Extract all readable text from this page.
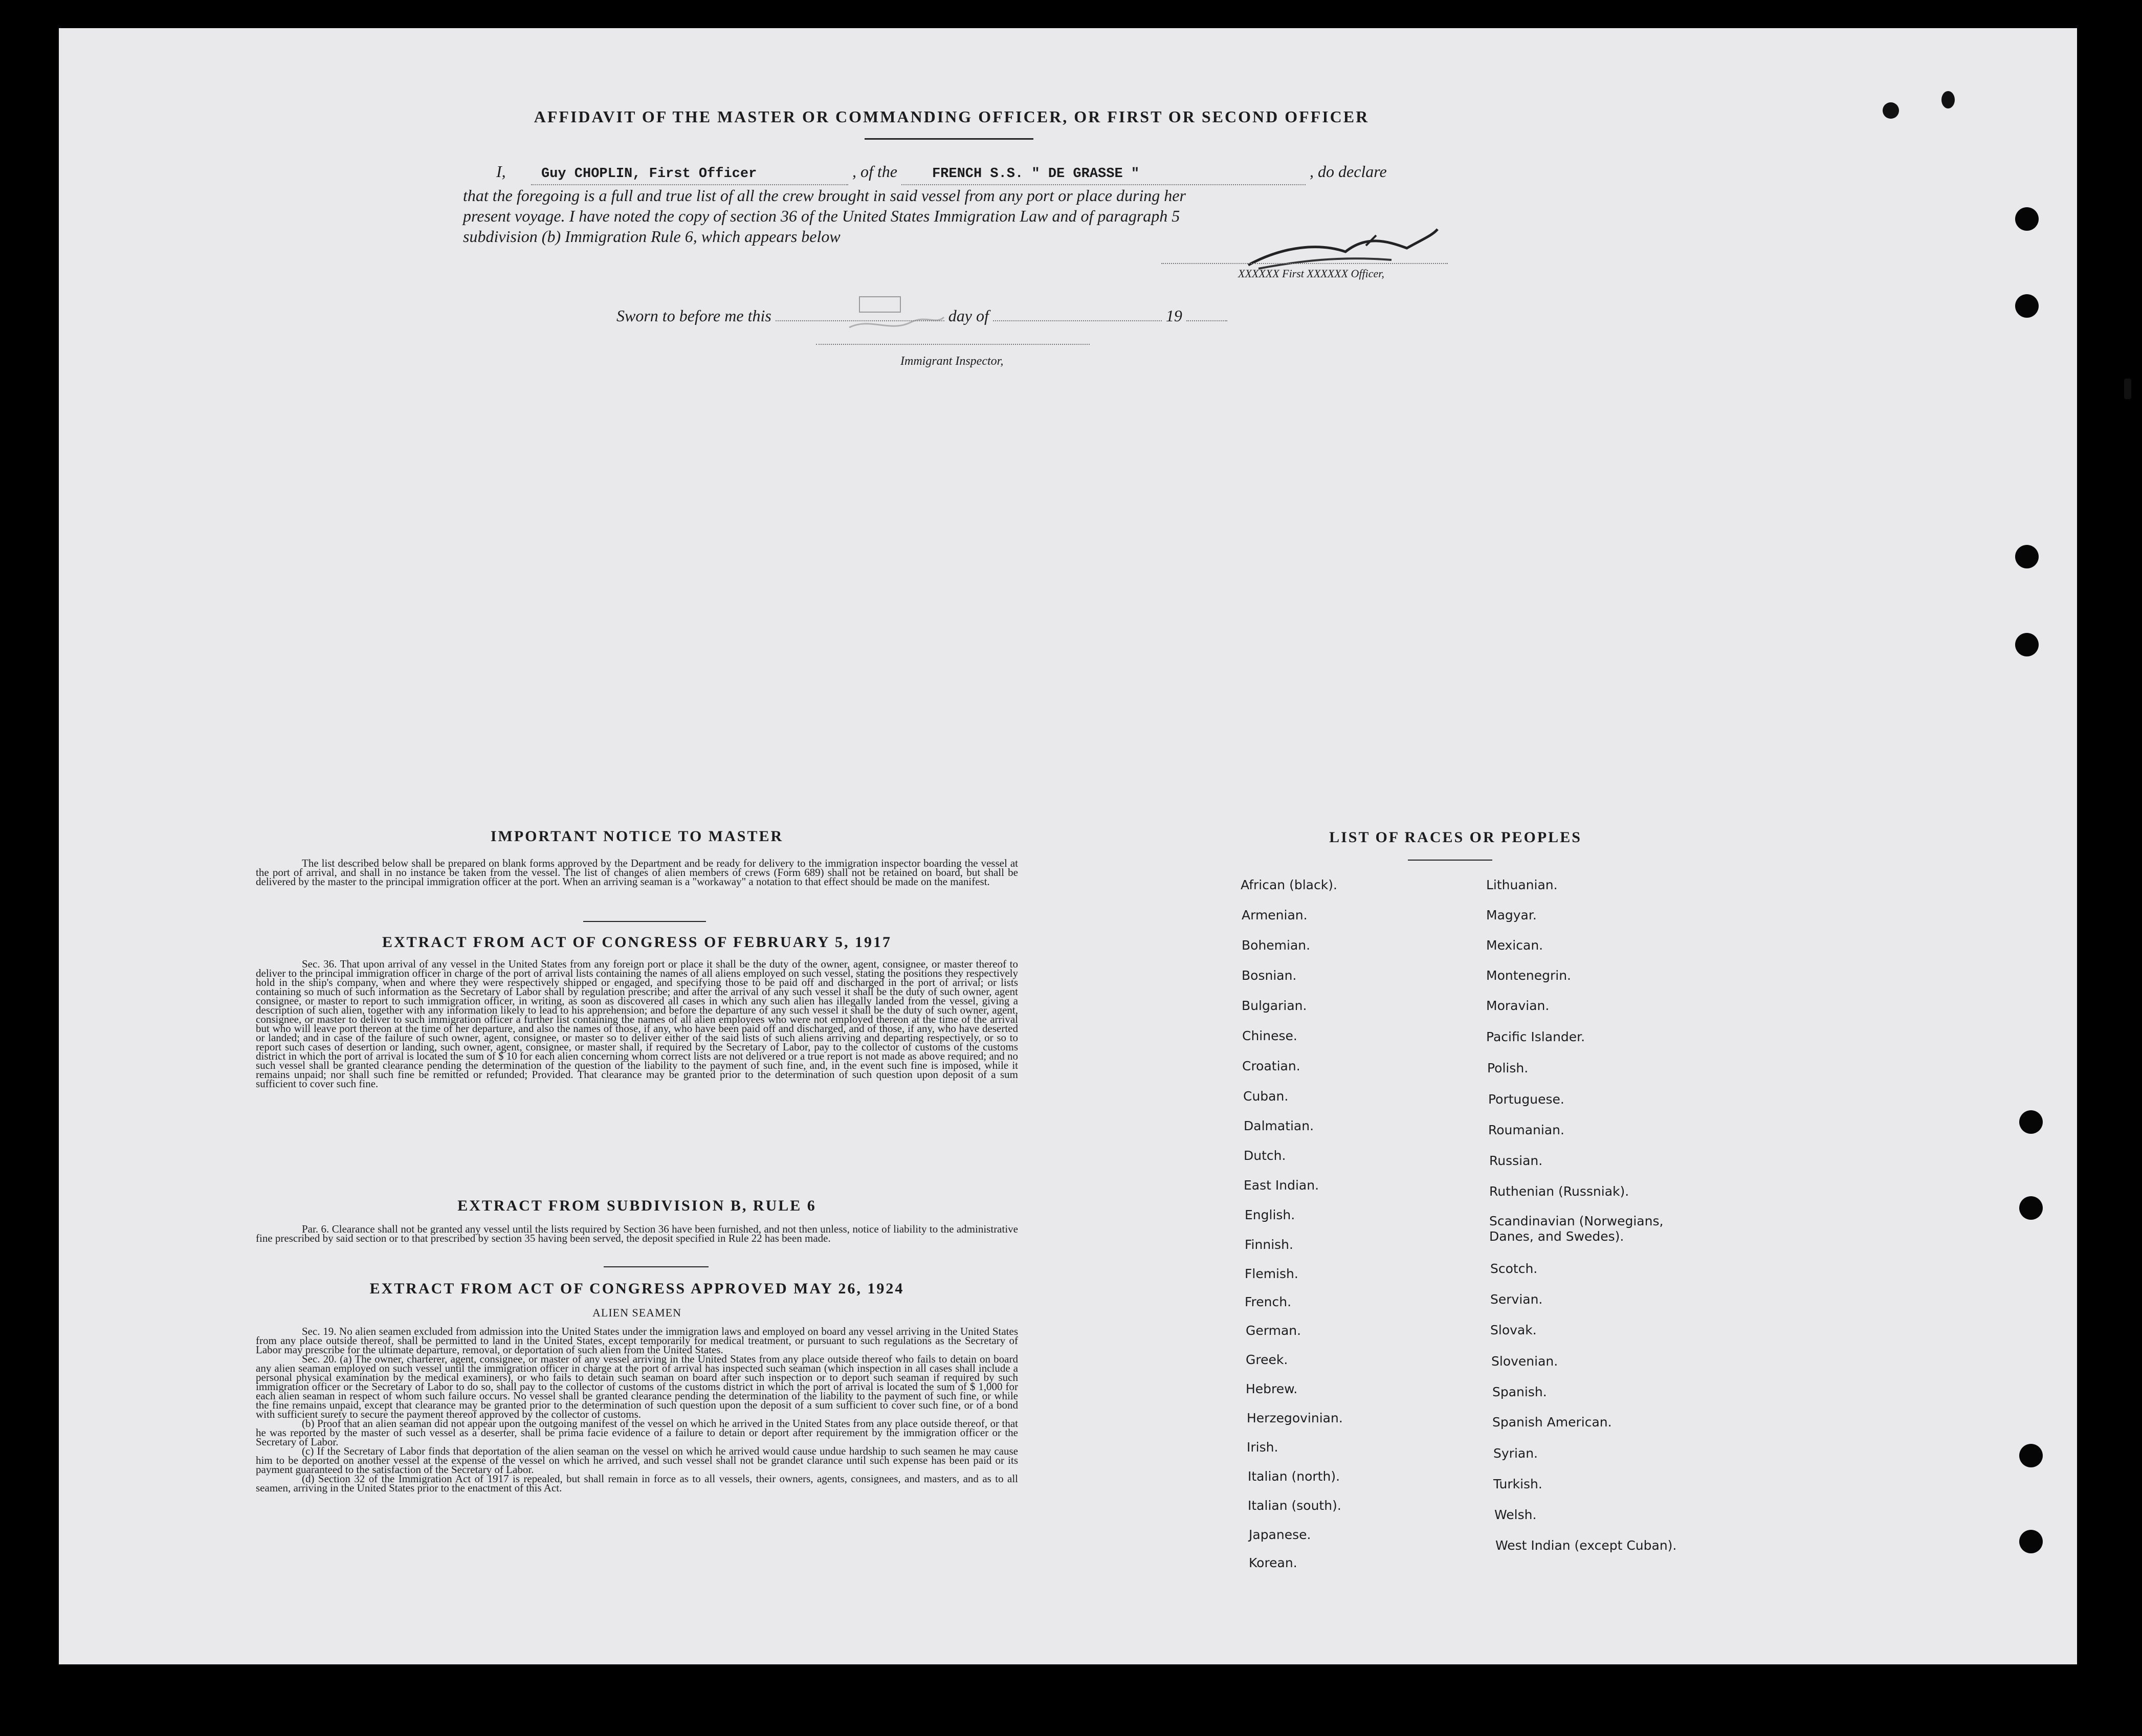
AFFIDAVIT OF THE MASTER OR COMMANDING OFFICER, OR FIRST OR SECOND OFFICER
I,	Guy CHOPLIN, First Officer	, of the	FRENCH S.S. " DE GRASSE "	, do declare
that the foregoing is a full and true list of all the crew brought in said vessel from any port or place during her
present voyage. I have noted the copy of section 36 of the United States Immigration Law and of paragraph 5
subdivision (b) Immigration Rule 6, which appears below
XXXXXX First XXXXXX Officer,
Sworn to before me this	day of	19
Immigrant Inspector,
IMPORTANT NOTICE TO MASTER

The list described below shall be prepared on blank forms approved by the Department and be ready for delivery to the immigration inspector boarding the vessel at the port of arrival, and shall in no instance be taken from the vessel. The list of changes of alien members of crews (Form 689) shall not be retained on board, but shall be delivered by the master to the principal immigration officer at the port. When an arriving seaman is a "workaway" a notation to that effect should be made on the manifest.

EXTRACT FROM ACT OF CONGRESS OF FEBRUARY 5, 1917

Sec. 36. That upon arrival of any vessel in the United States from any foreign port or place it shall be the duty of the owner, agent, consignee, or master thereof to deliver to the principal immigration officer in charge of the port of arrival lists containing the names of all aliens employed on such vessel, stating the positions they respectively hold in the ship's company, when and where they were respectively shipped or engaged, and specifying those to be paid off and discharged in the port of arrival; or lists containing so much of such information as the Secretary of Labor shall by regulation prescribe; and after the arrival of any such vessel it shall be the duty of such owner, agent consignee, or master to report to such immigration officer, in writing, as soon as discovered all cases in which any such alien has illegally landed from the vessel, giving a description of such alien, together with any information likely to lead to his apprehension; and before the departure of any such vessel it shall be the duty of such owner, agent, consignee, or master to deliver to such immigration officer a further list containing the names of all alien employees who were not employed thereon at the time of the arrival but who will leave port thereon at the time of her departure, and also the names of those, if any, who have been paid off and discharged, and of those, if any, who have deserted or landed; and in case of the failure of such owner, agent, consignee, or master so to deliver either of the said lists of such aliens arriving and departing respectively, or so to report such cases of desertion or landing, such owner, agent, consignee, or master shall, if required by the Secretary of Labor, pay to the collector of customs of the customs district in which the port of arrival is located the sum of $ 10 for each alien concerning whom correct lists are not delivered or a true report is not made as above required; and no such vessel shall be granted clearance pending the determination of the question of the liability to the payment of such fine, and, in the event such fine is imposed, while it remains unpaid; nor shall such fine be remitted or refunded; Provided. That clearance may be granted prior to the determination of such question upon deposit of a sum sufficient to cover such fine.

EXTRACT FROM SUBDIVISION B, RULE 6

Par. 6. Clearance shall not be granted any vessel until the lists required by Section 36 have been furnished, and not then unless, notice of liability to the administrative fine prescribed by said section or to that prescribed by section 35 having been served, the deposit specified in Rule 22 has been made.

EXTRACT FROM ACT OF CONGRESS APPROVED MAY 26, 1924
ALIEN SEAMEN

Sec. 19. No alien seamen excluded from admission into the United States under the immigration laws and employed on board any vessel arriving in the United States from any place outside thereof, shall be permitted to land in the United States, except temporarily for medical treatment, or pursuant to such regulations as the Secretary of Labor may prescribe for the ultimate departure, removal, or deportation of such alien from the United States.

Sec. 20. (a) The owner, charterer, agent, consignee, or master of any vessel arriving in the United States from any place outside thereof who fails to detain on board any alien seaman employed on such vessel until the immigration officer in charge at the port of arrival has inspected such seaman (which inspection in all cases shall include a personal physical examination by the medical examiners), or who fails to detain such seaman on board after such inspection or to deport such seaman if required by such immigration officer or the Secretary of Labor to do so, shall pay to the collector of customs of the customs district in which the port of arrival is located the sum of $ 1,000 for each alien seaman in respect of whom such failure occurs. No vessel shall be granted clearance pending the determination of the liability to the payment of such fine, or while the fine remains unpaid, except that clearance may be granted prior to the determination of such question upon the deposit of a sum sufficient to cover such fine, or of a bond with sufficient surety to secure the payment thereof approved by the collector of customs.

(b) Proof that an alien seaman did not appear upon the outgoing manifest of the vessel on which he arrived in the United States from any place outside thereof, or that he was reported by the master of such vessel as a deserter, shall be prima facie evidence of a failure to detain or deport after requirement by the immigration officer or the Secretary of Labor.

(c) If the Secretary of Labor finds that deportation of the alien seaman on the vessel on which he arrived would cause undue hardship to such seamen he may cause him to be deported on another vessel at the expense of the vessel on which he arrived, and such vessel shall not be grandet clarance until such expense has been paid or its payment guaranteed to the satisfaction of the Secretary of Labor.

(d) Section 32 of the Immigration Act of 1917 is repealed, but shall remain in force as to all vessels, their owners, agents, consignees, and masters, and as to all seamen, arriving in the United States prior to the enactment of this Act.

LIST OF RACES OR PEOPLES
African (black).
Armenian.
Bohemian.
Bosnian.
Bulgarian.
Chinese.
Croatian.
Cuban.
Dalmatian.
Dutch.
East Indian.
English.
Finnish.
Flemish.
French.
German.
Greek.
Hebrew.
Herzegovinian.
Irish.
Italian (north).
Italian (south).
Japanese.
Korean.
Lithuanian.
Magyar.
Mexican.
Montenegrin.
Moravian.
Pacific Islander.
Polish.
Portuguese.
Roumanian.
Russian.
Ruthenian (Russniak).
Scandinavian (Norwegians, Danes, and Swedes).
Scotch.
Servian.
Slovak.
Slovenian.
Spanish.
Spanish American.
Syrian.
Turkish.
Welsh.
West Indian (except Cuban).
